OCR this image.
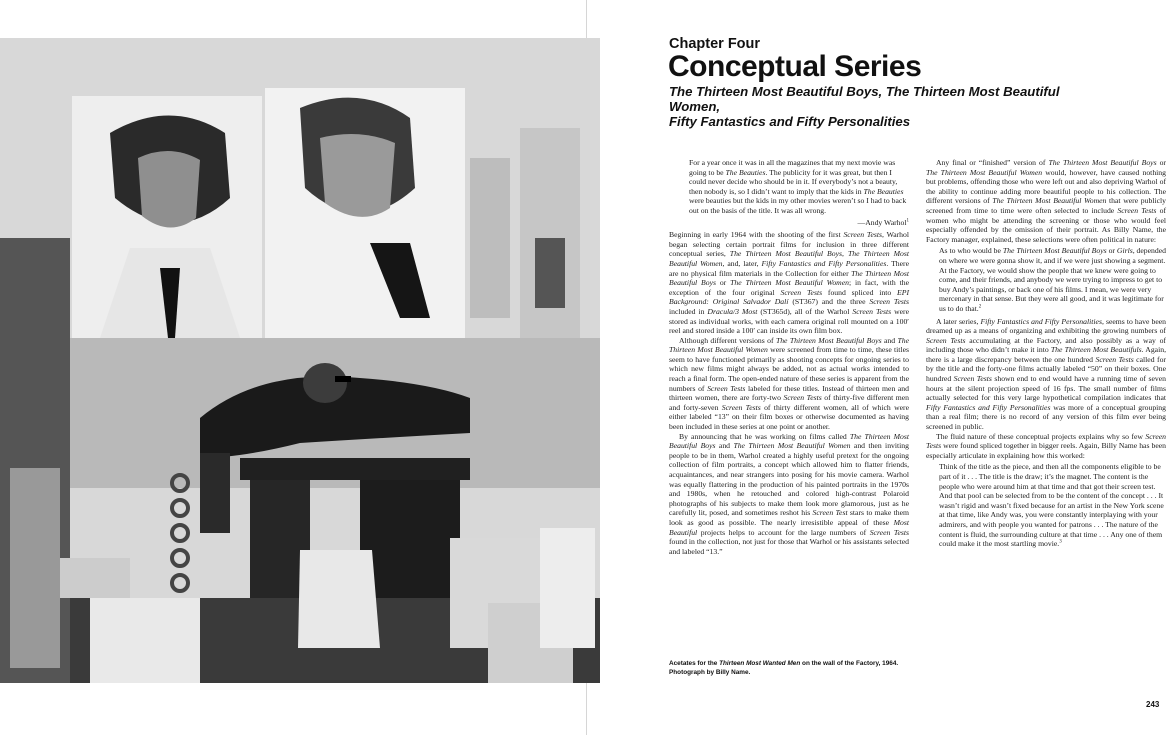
Acetates for the Thirteen Most Wanted Men on the wall of the Factory, 1964.
Photograph by Billy Name.
Chapter Four
Conceptual Series
The Thirteen Most Beautiful Boys, The Thirteen Most Beautiful Women,
Fifty Fantastics and Fifty Personalities

For a year once it was in all the magazines that my next movie was going to be The Beauties. The publicity for it was great, but then I could never decide who should be in it. If everybody’s not a beauty, then nobody is, so I didn’t want to imply that the kids in The Beauties were beauties but the kids in my other movies weren’t so I had to back out on the basis of the title. It was all wrong.

—Andy Warhol$^1$

Beginning in early 1964 with the shooting of the first Screen Tests, Warhol began selecting certain portrait films for inclusion in three different conceptual series, The Thirteen Most Beautiful Boys, The Thirteen Most Beautiful Women, and, later, Fifty Fantastics and Fifty Personalities. There are no physical film materials in the Collection for either The Thirteen Most Beautiful Boys or The Thirteen Most Beautiful Women; in fact, with the exception of the four original Screen Tests found spliced into EPI Background: Original Salvador Dalí (ST367) and the three Screen Tests included in Dracula/3 Most (ST365d), all of the Warhol Screen Tests were stored as individual works, with each camera original roll mounted on a 100′ reel and stored inside a 100′ can inside its own film box.

Although different versions of The Thirteen Most Beautiful Boys and The Thirteen Most Beautiful Women were screened from time to time, these titles seem to have functioned primarily as shooting concepts for ongoing series to which new films might always be added, not as actual works intended to reach a final form. The open-ended nature of these series is apparent from the numbers of Screen Tests labeled for these titles. Instead of thirteen men and thirteen women, there are forty-two Screen Tests of thirty-five different men and forty-seven Screen Tests of thirty different women, all of which were either labeled “13” on their film boxes or otherwise documented as having been included in these series at one point or another.

By announcing that he was working on films called The Thirteen Most Beautiful Boys and The Thirteen Most Beautiful Women and then inviting people to be in them, Warhol created a highly useful pretext for the ongoing collection of film portraits, a concept which allowed him to flatter friends, acquaintances, and near strangers into posing for his movie camera. Warhol was equally flattering in the production of his painted portraits in the 1970s and 1980s, when he retouched and colored high-contrast Polaroid photographs of his subjects to make them look more glamorous, just as he carefully lit, posed, and sometimes reshot his Screen Test stars to make them look as good as possible. The nearly irresistible appeal of these Most Beautiful projects helps to account for the large numbers of Screen Tests found in the collection, not just for those that Warhol or his assistants selected and labeled “13.”

Any final or “finished” version of The Thirteen Most Beautiful Boys or The Thirteen Most Beautiful Women would, however, have caused nothing but problems, offending those who were left out and also depriving Warhol of the ability to continue adding more beautiful people to his collection. The different versions of The Thirteen Most Beautiful Women that were publicly screened from time to time were often selected to include Screen Tests of women who might be attending the screening or those who would feel especially offended by the omission of their portrait. As Billy Name, the Factory manager, explained, these selections were often political in nature:

As to who would be The Thirteen Most Beautiful Boys or Girls, depended on where we were gonna show it, and if we were just showing a segment. At the Factory, we would show the people that we knew were going to come, and their friends, and anybody we were trying to impress to get to buy Andy’s paintings, or back one of his films. I mean, we were very mercenary in that sense. But they were all good, and it was legitimate for us to do that.$^2$

A later series, Fifty Fantastics and Fifty Personalities, seems to have been dreamed up as a means of organizing and exhibiting the growing numbers of Screen Tests accumulating at the Factory, and also possibly as a way of including those who didn’t make it into The Thirteen Most Beautifuls. Again, there is a large discrepancy between the one hundred Screen Tests called for by the title and the forty-one films actually labeled “50” on their boxes. One hundred Screen Tests shown end to end would have a running time of seven hours at the silent projection speed of 16 fps. The small number of films actually selected for this very large hypothetical compilation indicates that Fifty Fantastics and Fifty Personalities was more of a conceptual grouping than a real film; there is no record of any version of this film ever being screened in public.

The fluid nature of these conceptual projects explains why so few Screen Tests were found spliced together in bigger reels. Again, Billy Name has been especially articulate in explaining how this worked:

Think of the title as the piece, and then all the components eligible to be part of it . . . The title is the draw; it’s the magnet. The content is the people who were around him at that time and that got their screen test. And that pool can be selected from to be the content of the concept . . . It wasn’t rigid and wasn’t fixed because for an artist in the New York scene at that time, like Andy was, you were constantly interplaying with your admirers, and with people you wanted for patrons . . . The nature of the content is fluid, the surrounding culture at that time . . . Any one of them could make it the most startling movie.$^3$

243
